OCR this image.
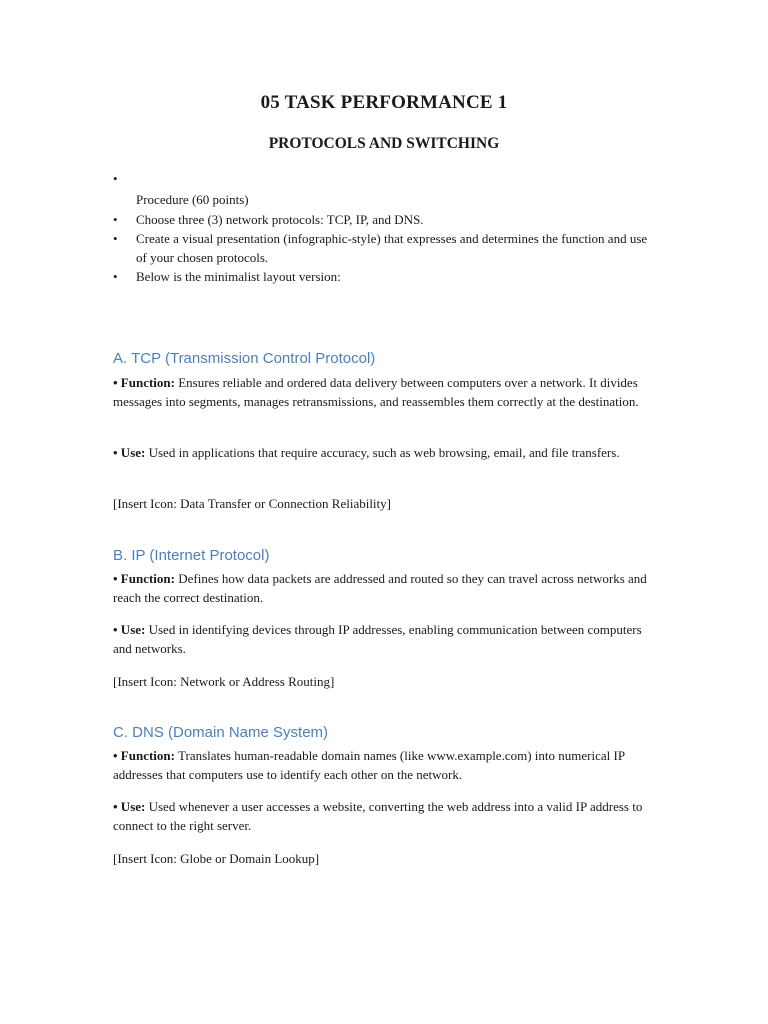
05 TASK PERFORMANCE 1
PROTOCOLS AND SWITCHING
•
Procedure (60 points)
•	Choose three (3) network protocols: TCP, IP, and DNS.
•	Create a visual presentation (infographic-style) that expresses and determines the function and use of your chosen protocols.
•	Below is the minimalist layout version:
A. TCP (Transmission Control Protocol)

• Function: Ensures reliable and ordered data delivery between computers over a network. It divides messages into segments, manages retransmissions, and reassembles them correctly at the destination.

• Use: Used in applications that require accuracy, such as web browsing, email, and file transfers.

[Insert Icon: Data Transfer or Connection Reliability]

B. IP (Internet Protocol)

• Function: Defines how data packets are addressed and routed so they can travel across networks and reach the correct destination.

• Use: Used in identifying devices through IP addresses, enabling communication between computers and networks.

[Insert Icon: Network or Address Routing]

C. DNS (Domain Name System)

• Function: Translates human-readable domain names (like www.example.com) into numerical IP addresses that computers use to identify each other on the network.

• Use: Used whenever a user accesses a website, converting the web address into a valid IP address to connect to the right server.

[Insert Icon: Globe or Domain Lookup]
